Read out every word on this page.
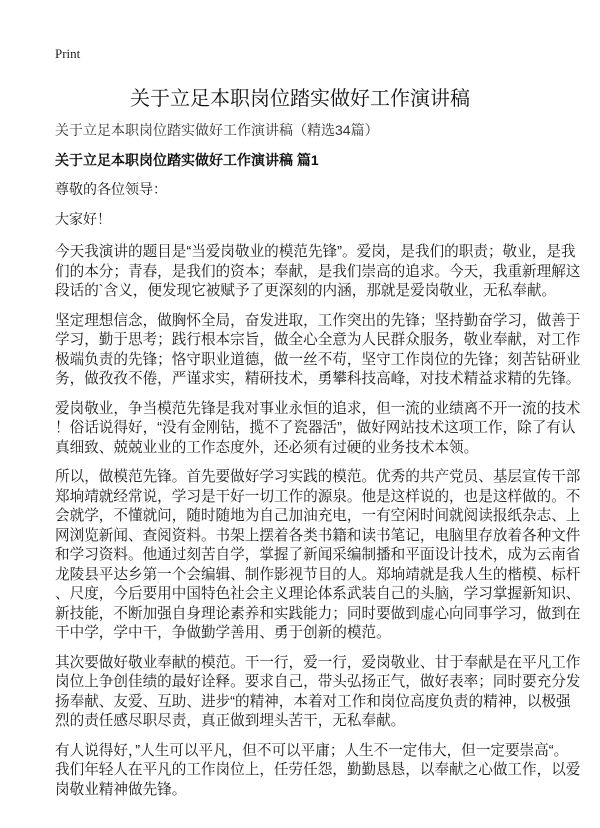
Print
关于立足本职岗位踏实做好工作演讲稿
关于立足本职岗位踏实做好工作演讲稿（精选34篇）
关于立足本职岗位踏实做好工作演讲稿 篇1
尊敬的各位领导：
大家好！
今天我演讲的题目是“当爱岗敬业的模范先锋”。爱岗，是我们的职责；敬业，是我
们的本分；青春，是我们的资本；奉献，是我们崇高的追求。今天，我重新理解这
段话的`含义，便发现它被赋予了更深刻的内涵，那就是爱岗敬业，无私奉献。
坚定理想信念，做胸怀全局，奋发进取，工作突出的先锋；坚持勤奋学习，做善于
学习，勤于思考；践行根本宗旨，做全心全意为人民群众服务，敬业奉献，对工作
极端负责的先锋；恪守职业道德，做一丝不苟，坚守工作岗位的先锋；刻苦钻研业
务，做孜孜不倦，严谨求实，精研技术，勇攀科技高峰，对技术精益求精的先锋。
爱岗敬业，争当模范先锋是我对事业永恒的追求，但一流的业绩离不开一流的技术
！俗话说得好，“没有金刚钻，揽不了瓷器活”，做好网站技术这项工作，除了有认
真细致、兢兢业业的工作态度外，还必须有过硬的业务技术本领。
所以，做模范先锋。首先要做好学习实践的模范。优秀的共产党员、基层宣传干部
郑垧靖就经常说，学习是干好一切工作的源泉。他是这样说的，也是这样做的。不
会就学，不懂就问，随时随地为自己加油充电，一有空闲时间就阅读报纸杂志、上
网浏览新闻、查阅资料。书架上摆着各类书籍和读书笔记，电脑里存放着各种文件
和学习资料。他通过刻苦自学，掌握了新闻采编制播和平面设计技术，成为云南省
龙陵县平达乡第一个会编辑、制作影视节目的人。郑垧靖就是我人生的楷模、标杆
、尺度，今后要用中国特色社会主义理论体系武装自己的头脑，学习掌握新知识、
新技能，不断加强自身理论素养和实践能力；同时要做到虚心向同事学习，做到在
干中学，学中干，争做勤学善用、勇于创新的模范。
其次要做好敬业奉献的模范。干一行，爱一行，爱岗敬业、甘于奉献是在平凡工作
岗位上争创佳绩的最好诠释。要求自己，带头弘扬正气，做好表率；同时要充分发
扬奉献、友爱、互助、进步“的精神，本着对工作和岗位高度负责的精神，以极强
烈的责任感尽职尽责，真正做到埋头苦干，无私奉献。
有人说得好，”人生可以平凡，但不可以平庸；人生不一定伟大，但一定要崇高“。
我们年轻人在平凡的工作岗位上，任劳任怨，勤勤恳恳，以奉献之心做工作，以爱
岗敬业精神做先锋。
